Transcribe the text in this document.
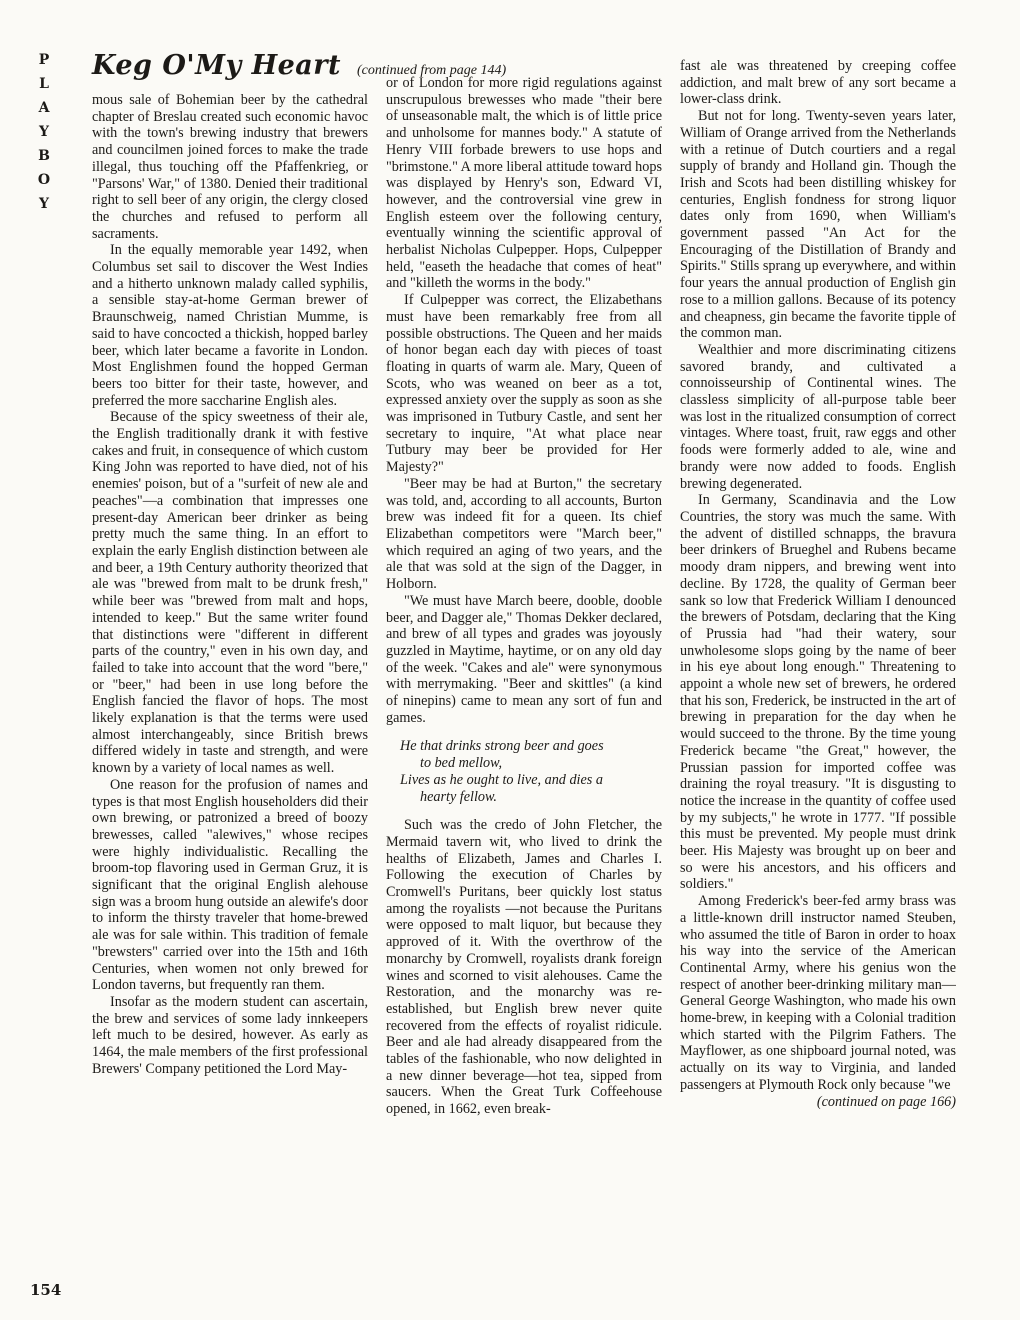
P
L
A
Y
B
O
Y
Keg O'My Heart (continued from page 144)

mous sale of Bohemian beer by the cathedral chapter of Breslau created such economic havoc with the town's brewing industry that brewers and councilmen joined forces to make the trade illegal, thus touching off the Pfaffenkrieg, or "Parsons' War," of 1380. Denied their traditional right to sell beer of any origin, the clergy closed the churches and refused to perform all sacraments.

In the equally memorable year 1492, when Columbus set sail to discover the West Indies and a hitherto unknown malady called syphilis, a sensible stay-at-home German brewer of Braunschweig, named Christian Mumme, is said to have concocted a thickish, hopped barley beer, which later became a favorite in London. Most Englishmen found the hopped German beers too bitter for their taste, however, and preferred the more saccharine English ales.

Because of the spicy sweetness of their ale, the English traditionally drank it with festive cakes and fruit, in consequence of which custom King John was reported to have died, not of his enemies' poison, but of a "surfeit of new ale and peaches"—a combination that impresses one present-day American beer drinker as being pretty much the same thing. In an effort to explain the early English distinction between ale and beer, a 19th Century authority theorized that ale was "brewed from malt to be drunk fresh," while beer was "brewed from malt and hops, intended to keep." But the same writer found that distinctions were "different in different parts of the country," even in his own day, and failed to take into account that the word "bere," or "beer," had been in use long before the English fancied the flavor of hops. The most likely explanation is that the terms were used almost interchangeably, since British brews differed widely in taste and strength, and were known by a variety of local names as well.

One reason for the profusion of names and types is that most English householders did their own brewing, or patronized a breed of boozy brewesses, called "alewives," whose recipes were highly individualistic. Recalling the broom-top flavoring used in German Gruz, it is significant that the original English alehouse sign was a broom hung outside an alewife's door to inform the thirsty traveler that home-brewed ale was for sale within. This tradition of female "brewsters" carried over into the 15th and 16th Centuries, when women not only brewed for London taverns, but frequently ran them.

Insofar as the modern student can ascertain, the brew and services of some lady innkeepers left much to be desired, however. As early as 1464, the male members of the first professional Brewers' Company petitioned the Lord May-

or of London for more rigid regulations against unscrupulous brewesses who made "their bere of unseasonable malt, the which is of little price and unholsome for mannes body." A statute of Henry VIII forbade brewers to use hops and "brimstone." A more liberal attitude toward hops was displayed by Henry's son, Edward VI, however, and the controversial vine grew in English esteem over the following century, eventually winning the scientific approval of herbalist Nicholas Culpepper. Hops, Culpepper held, "easeth the headache that comes of heat" and "killeth the worms in the body."

If Culpepper was correct, the Elizabethans must have been remarkably free from all possible obstructions. The Queen and her maids of honor began each day with pieces of toast floating in quarts of warm ale. Mary, Queen of Scots, who was weaned on beer as a tot, expressed anxiety over the supply as soon as she was imprisoned in Tutbury Castle, and sent her secretary to inquire, "At what place near Tutbury may beer be provided for Her Majesty?"

"Beer may be had at Burton," the secretary was told, and, according to all accounts, Burton brew was indeed fit for a queen. Its chief Elizabethan competitors were "March beer," which required an aging of two years, and the ale that was sold at the sign of the Dagger, in Holborn.

"We must have March beere, dooble, dooble beer, and Dagger ale," Thomas Dekker declared, and brew of all types and grades was joyously guzzled in Maytime, haytime, or on any old day of the week. "Cakes and ale" were synonymous with merrymaking. "Beer and skittles" (a kind of ninepins) came to mean any sort of fun and games.

He that drinks strong beer and goes
to bed mellow,
Lives as he ought to live, and dies a
hearty fellow.

Such was the credo of John Fletcher, the Mermaid tavern wit, who lived to drink the healths of Elizabeth, James and Charles I. Following the execution of Charles by Cromwell's Puritans, beer quickly lost status among the royalists —not because the Puritans were opposed to malt liquor, but because they approved of it. With the overthrow of the monarchy by Cromwell, royalists drank foreign wines and scorned to visit alehouses. Came the Restoration, and the monarchy was re-established, but English brew never quite recovered from the effects of royalist ridicule. Beer and ale had already disappeared from the tables of the fashionable, who now delighted in a new dinner beverage—hot tea, sipped from saucers. When the Great Turk Coffeehouse opened, in 1662, even break-

fast ale was threatened by creeping coffee addiction, and malt brew of any sort became a lower-class drink.

But not for long. Twenty-seven years later, William of Orange arrived from the Netherlands with a retinue of Dutch courtiers and a regal supply of brandy and Holland gin. Though the Irish and Scots had been distilling whiskey for centuries, English fondness for strong liquor dates only from 1690, when William's government passed "An Act for the Encouraging of the Distillation of Brandy and Spirits." Stills sprang up everywhere, and within four years the annual production of English gin rose to a million gallons. Because of its potency and cheapness, gin became the favorite tipple of the common man.

Wealthier and more discriminating citizens savored brandy, and cultivated a connoisseurship of Continental wines. The classless simplicity of all-purpose table beer was lost in the ritualized consumption of correct vintages. Where toast, fruit, raw eggs and other foods were formerly added to ale, wine and brandy were now added to foods. English brewing degenerated.

In Germany, Scandinavia and the Low Countries, the story was much the same. With the advent of distilled schnapps, the bravura beer drinkers of Brueghel and Rubens became moody dram nippers, and brewing went into decline. By 1728, the quality of German beer sank so low that Frederick William I denounced the brewers of Potsdam, declaring that the King of Prussia had "had their watery, sour unwholesome slops going by the name of beer in his eye about long enough." Threatening to appoint a whole new set of brewers, he ordered that his son, Frederick, be instructed in the art of brewing in preparation for the day when he would succeed to the throne. By the time young Frederick became "the Great," however, the Prussian passion for imported coffee was draining the royal treasury. "It is disgusting to notice the increase in the quantity of coffee used by my subjects," he wrote in 1777. "If possible this must be prevented. My people must drink beer. His Majesty was brought up on beer and so were his ancestors, and his officers and soldiers."

Among Frederick's beer-fed army brass was a little-known drill instructor named Steuben, who assumed the title of Baron in order to hoax his way into the service of the American Continental Army, where his genius won the respect of another beer-drinking military man—General George Washington, who made his own home-brew, in keeping with a Colonial tradition which started with the Pilgrim Fathers. The Mayflower, as one shipboard journal noted, was actually on its way to Virginia, and landed passengers at Plymouth Rock only because "we

(continued on page 166)
154
